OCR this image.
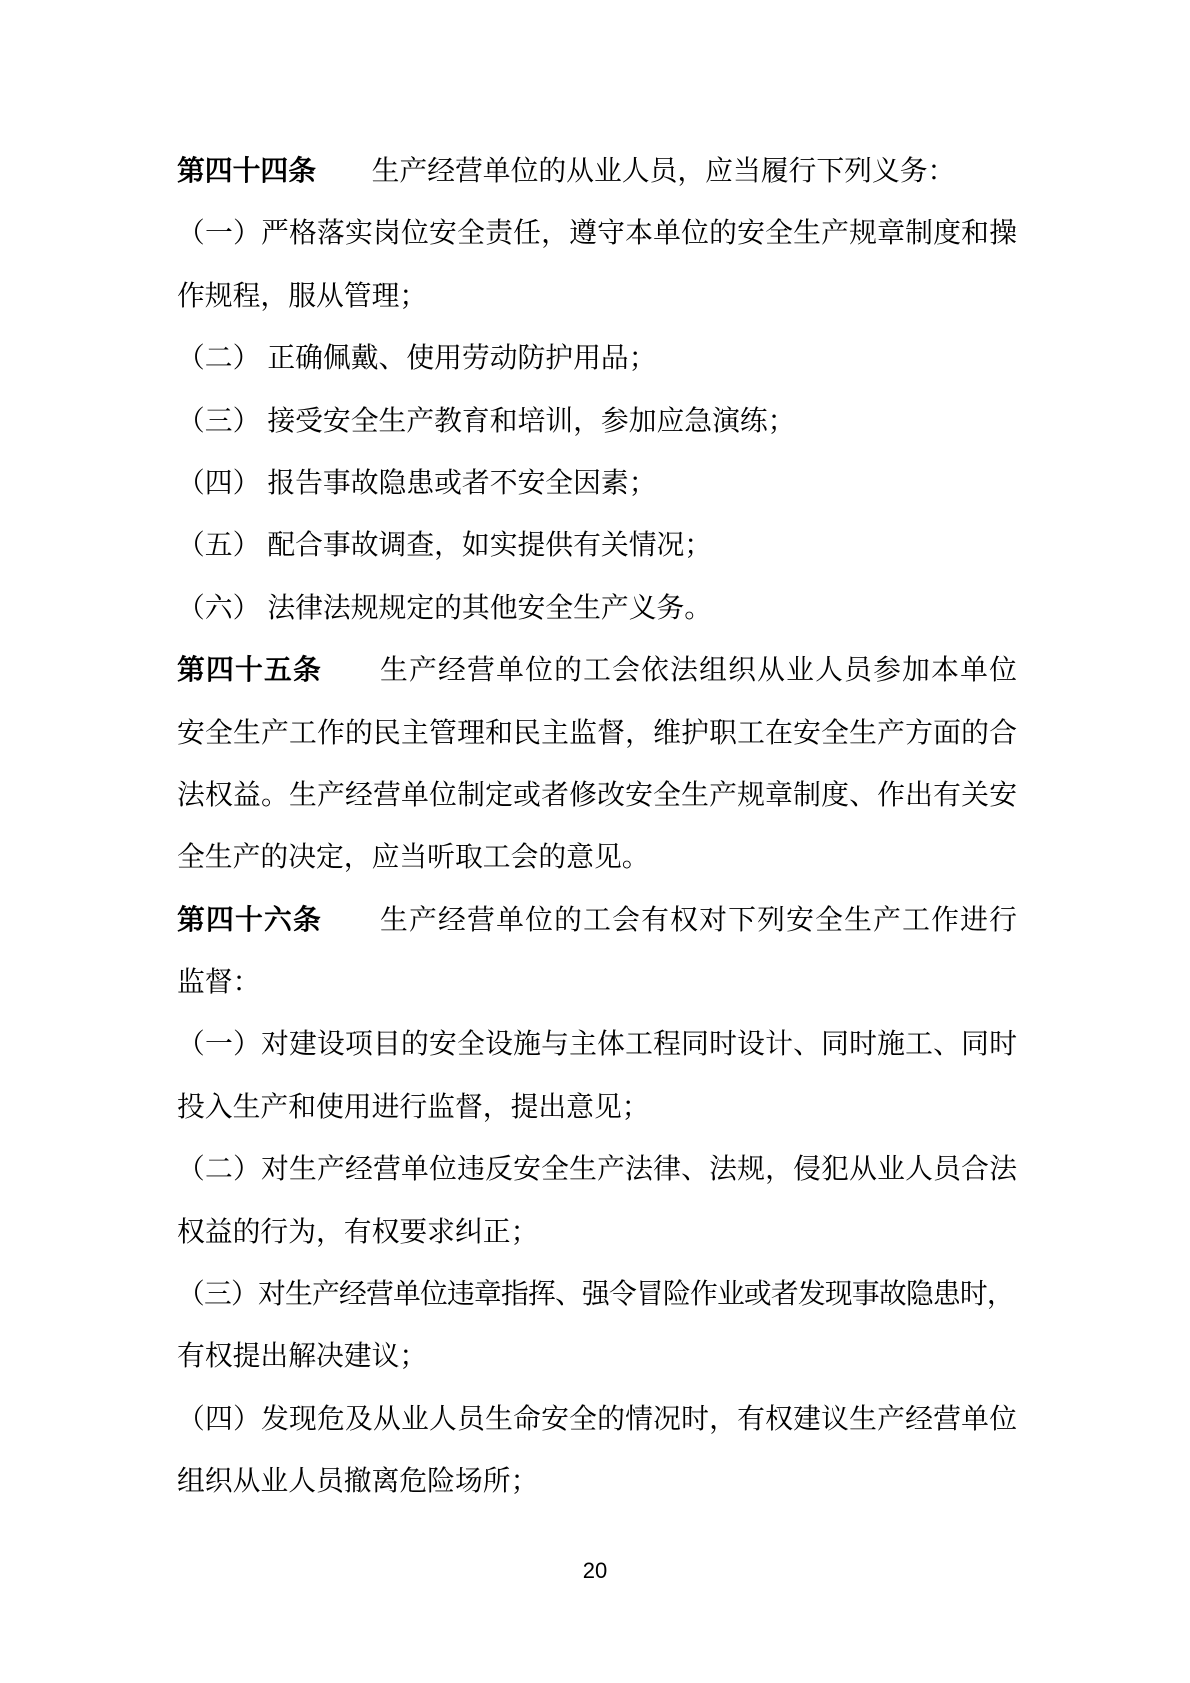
第四十四条　　生产经营单位的从业人员，应当履行下列义务：
（一）严格落实岗位安全责任，遵守本单位的安全生产规章制度和操
作规程，服从管理；
（二） 正确佩戴、使用劳动防护用品；
（三） 接受安全生产教育和培训，参加应急演练；
（四） 报告事故隐患或者不安全因素；
（五） 配合事故调查，如实提供有关情况；
（六） 法律法规规定的其他安全生产义务。
第四十五条　　生产经营单位的工会依法组织从业人员参加本单位
安全生产工作的民主管理和民主监督，维护职工在安全生产方面的合
法权益。生产经营单位制定或者修改安全生产规章制度、作出有关安
全生产的决定，应当听取工会的意见。
第四十六条　　生产经营单位的工会有权对下列安全生产工作进行
监督：
（一）对建设项目的安全设施与主体工程同时设计、同时施工、同时
投入生产和使用进行监督，提出意见；
（二）对生产经营单位违反安全生产法律、法规，侵犯从业人员合法
权益的行为，有权要求纠正；
（三）对生产经营单位违章指挥、强令冒险作业或者发现事故隐患时，
有权提出解决建议；
（四）发现危及从业人员生命安全的情况时，有权建议生产经营单位
组织从业人员撤离危险场所；
20
